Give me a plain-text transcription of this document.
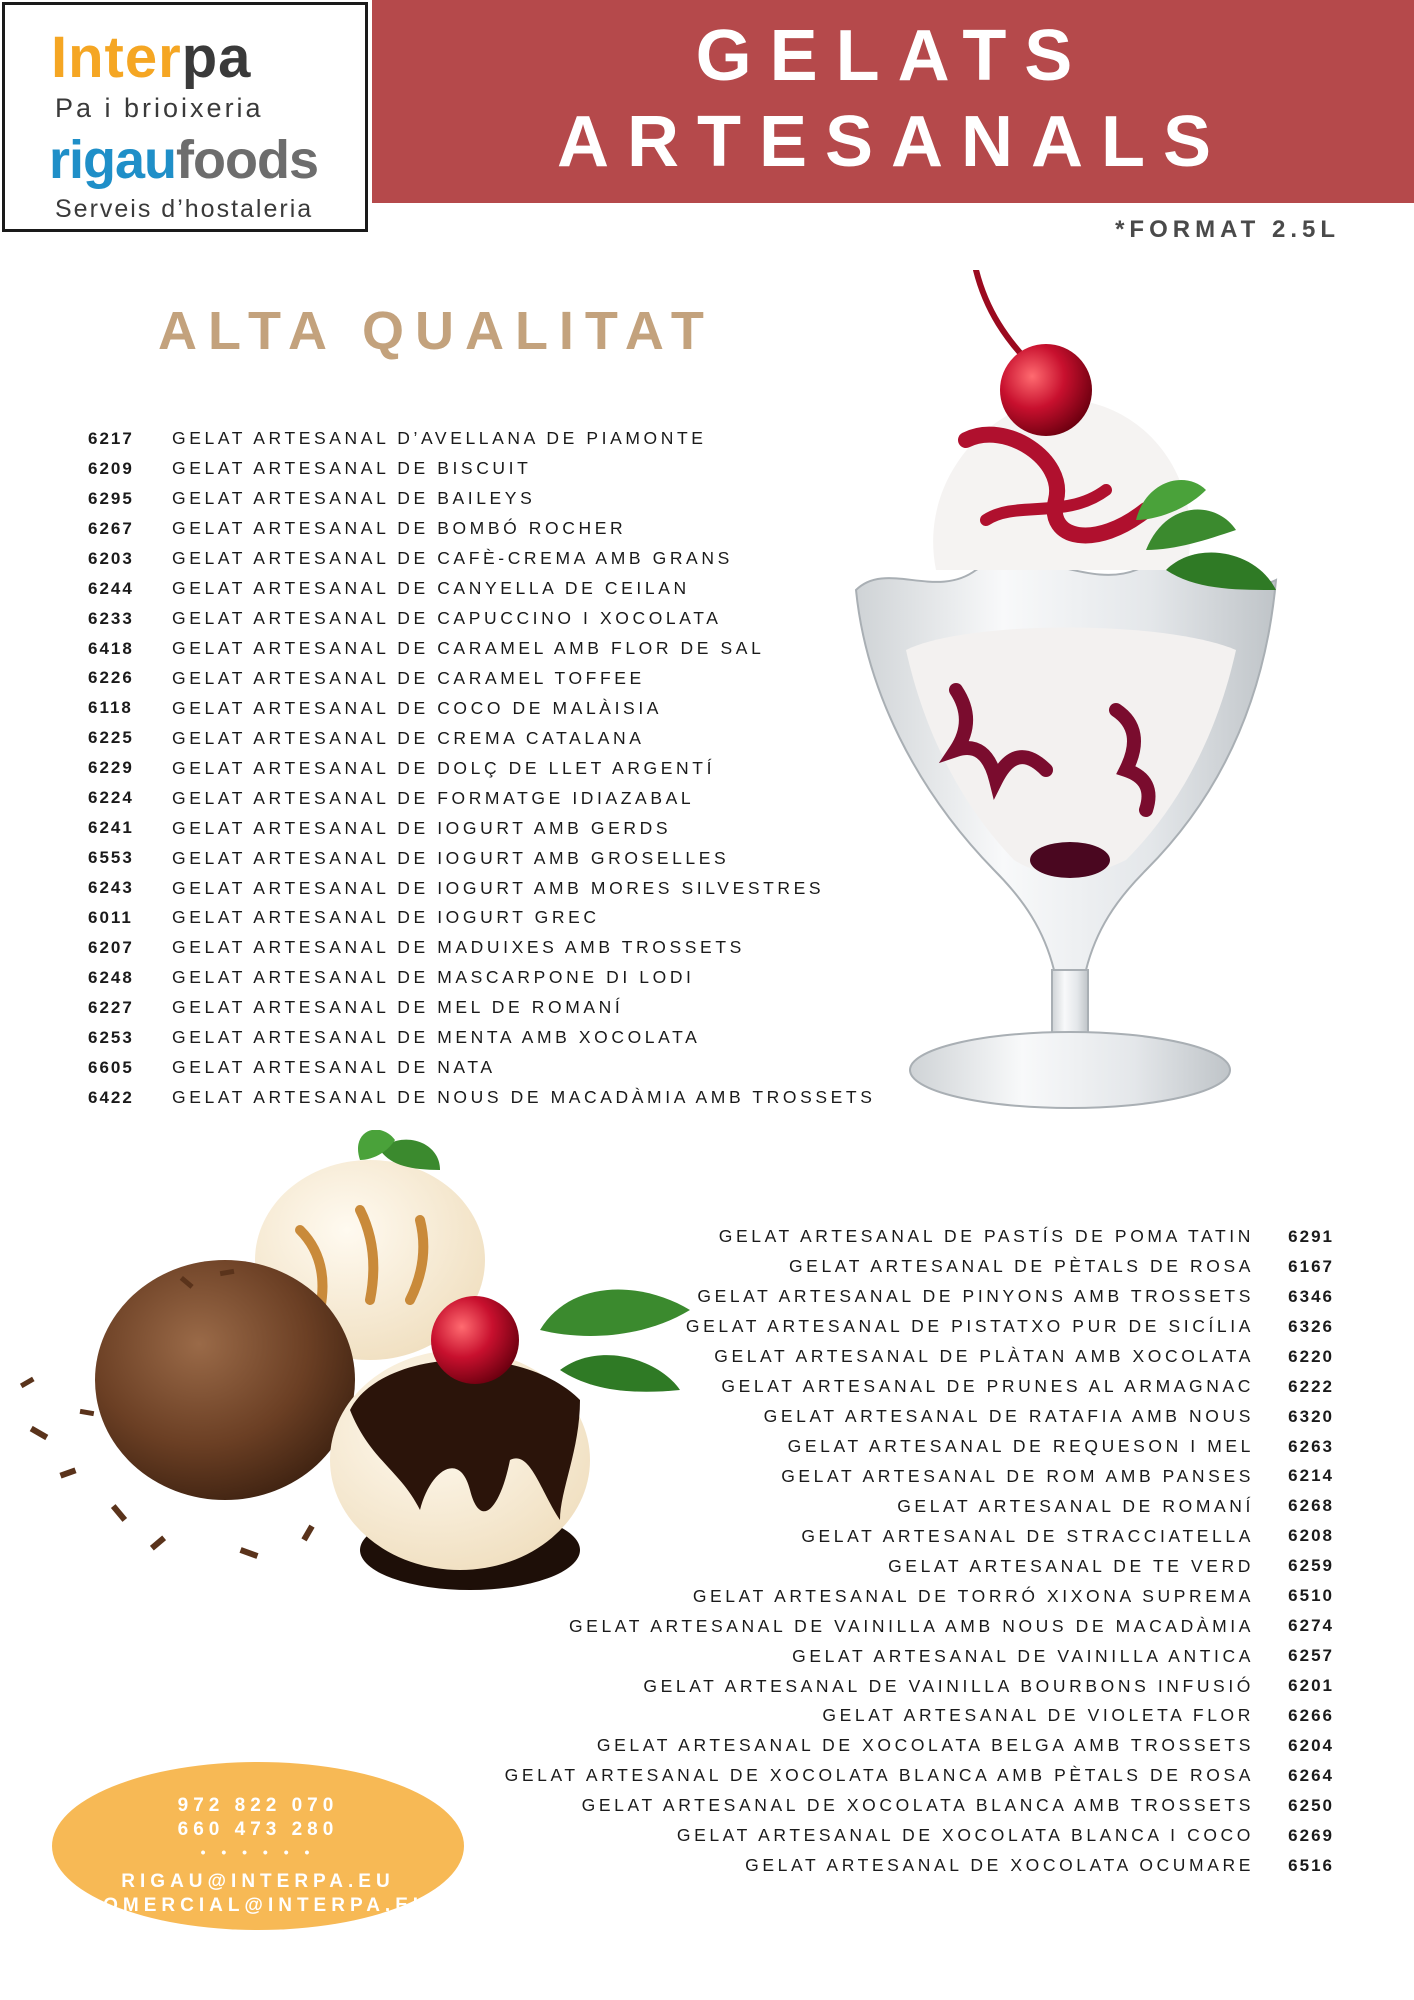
GELATS
ARTESANALS
Interpa
Pa i brioixeria
rigaufoods
Serveis d’hostaleria
*FORMAT 2.5L
ALTA QUALITAT
6217	GELAT ARTESANAL D’AVELLANA DE PIAMONTE
6209	GELAT ARTESANAL DE BISCUIT
6295	GELAT ARTESANAL DE BAILEYS
6267	GELAT ARTESANAL DE BOMBÓ ROCHER
6203	GELAT ARTESANAL DE CAFÈ-CREMA AMB GRANS
6244	GELAT ARTESANAL DE CANYELLA DE CEILAN
6233	GELAT ARTESANAL DE CAPUCCINO I XOCOLATA
6418	GELAT ARTESANAL DE CARAMEL AMB FLOR DE SAL
6226	GELAT ARTESANAL DE CARAMEL TOFFEE
6118	GELAT ARTESANAL DE COCO DE MALÀISIA
6225	GELAT ARTESANAL DE CREMA CATALANA
6229	GELAT ARTESANAL DE DOLÇ DE LLET ARGENTÍ
6224	GELAT ARTESANAL DE FORMATGE IDIAZABAL
6241	GELAT ARTESANAL DE IOGURT AMB GERDS
6553	GELAT ARTESANAL DE IOGURT AMB GROSELLES
6243	GELAT ARTESANAL DE IOGURT AMB MORES SILVESTRES
6011	GELAT ARTESANAL DE IOGURT GREC
6207	GELAT ARTESANAL DE MADUIXES AMB TROSSETS
6248	GELAT ARTESANAL DE MASCARPONE DI LODI
6227	GELAT ARTESANAL DE MEL DE ROMANÍ
6253	GELAT ARTESANAL DE MENTA AMB XOCOLATA
6605	GELAT ARTESANAL DE NATA
6422	GELAT ARTESANAL DE NOUS DE MACADÀMIA AMB TROSSETS
GELAT ARTESANAL DE PASTÍS DE POMA TATIN	6291
GELAT ARTESANAL DE PÈTALS DE ROSA	6167
GELAT ARTESANAL DE PINYONS AMB TROSSETS	6346
GELAT ARTESANAL DE PISTATXO PUR DE SICÍLIA	6326
GELAT ARTESANAL DE PLÀTAN AMB XOCOLATA	6220
GELAT ARTESANAL DE PRUNES AL ARMAGNAC	6222
GELAT ARTESANAL DE RATAFIA AMB NOUS	6320
GELAT ARTESANAL DE REQUESON I MEL	6263
GELAT ARTESANAL DE ROM AMB PANSES	6214
GELAT ARTESANAL DE ROMANÍ	6268
GELAT ARTESANAL DE STRACCIATELLA	6208
GELAT ARTESANAL DE TE VERD	6259
GELAT ARTESANAL DE TORRÓ XIXONA SUPREMA	6510
GELAT ARTESANAL DE VAINILLA AMB NOUS DE MACADÀMIA	6274
GELAT ARTESANAL DE VAINILLA ANTICA	6257
GELAT ARTESANAL DE VAINILLA BOURBONS INFUSIÓ	6201
GELAT ARTESANAL DE VIOLETA FLOR	6266
GELAT ARTESANAL DE XOCOLATA BELGA AMB TROSSETS	6204
GELAT ARTESANAL DE XOCOLATA BLANCA AMB PÈTALS DE ROSA	6264
GELAT ARTESANAL DE XOCOLATA BLANCA AMB TROSSETS	6250
GELAT ARTESANAL DE XOCOLATA BLANCA I COCO	6269
GELAT ARTESANAL DE XOCOLATA OCUMARE	6516
972 822 070
660 473 280
• • • • • •
RIGAU@INTERPA.EU
COMERCIAL@INTERPA.EU
